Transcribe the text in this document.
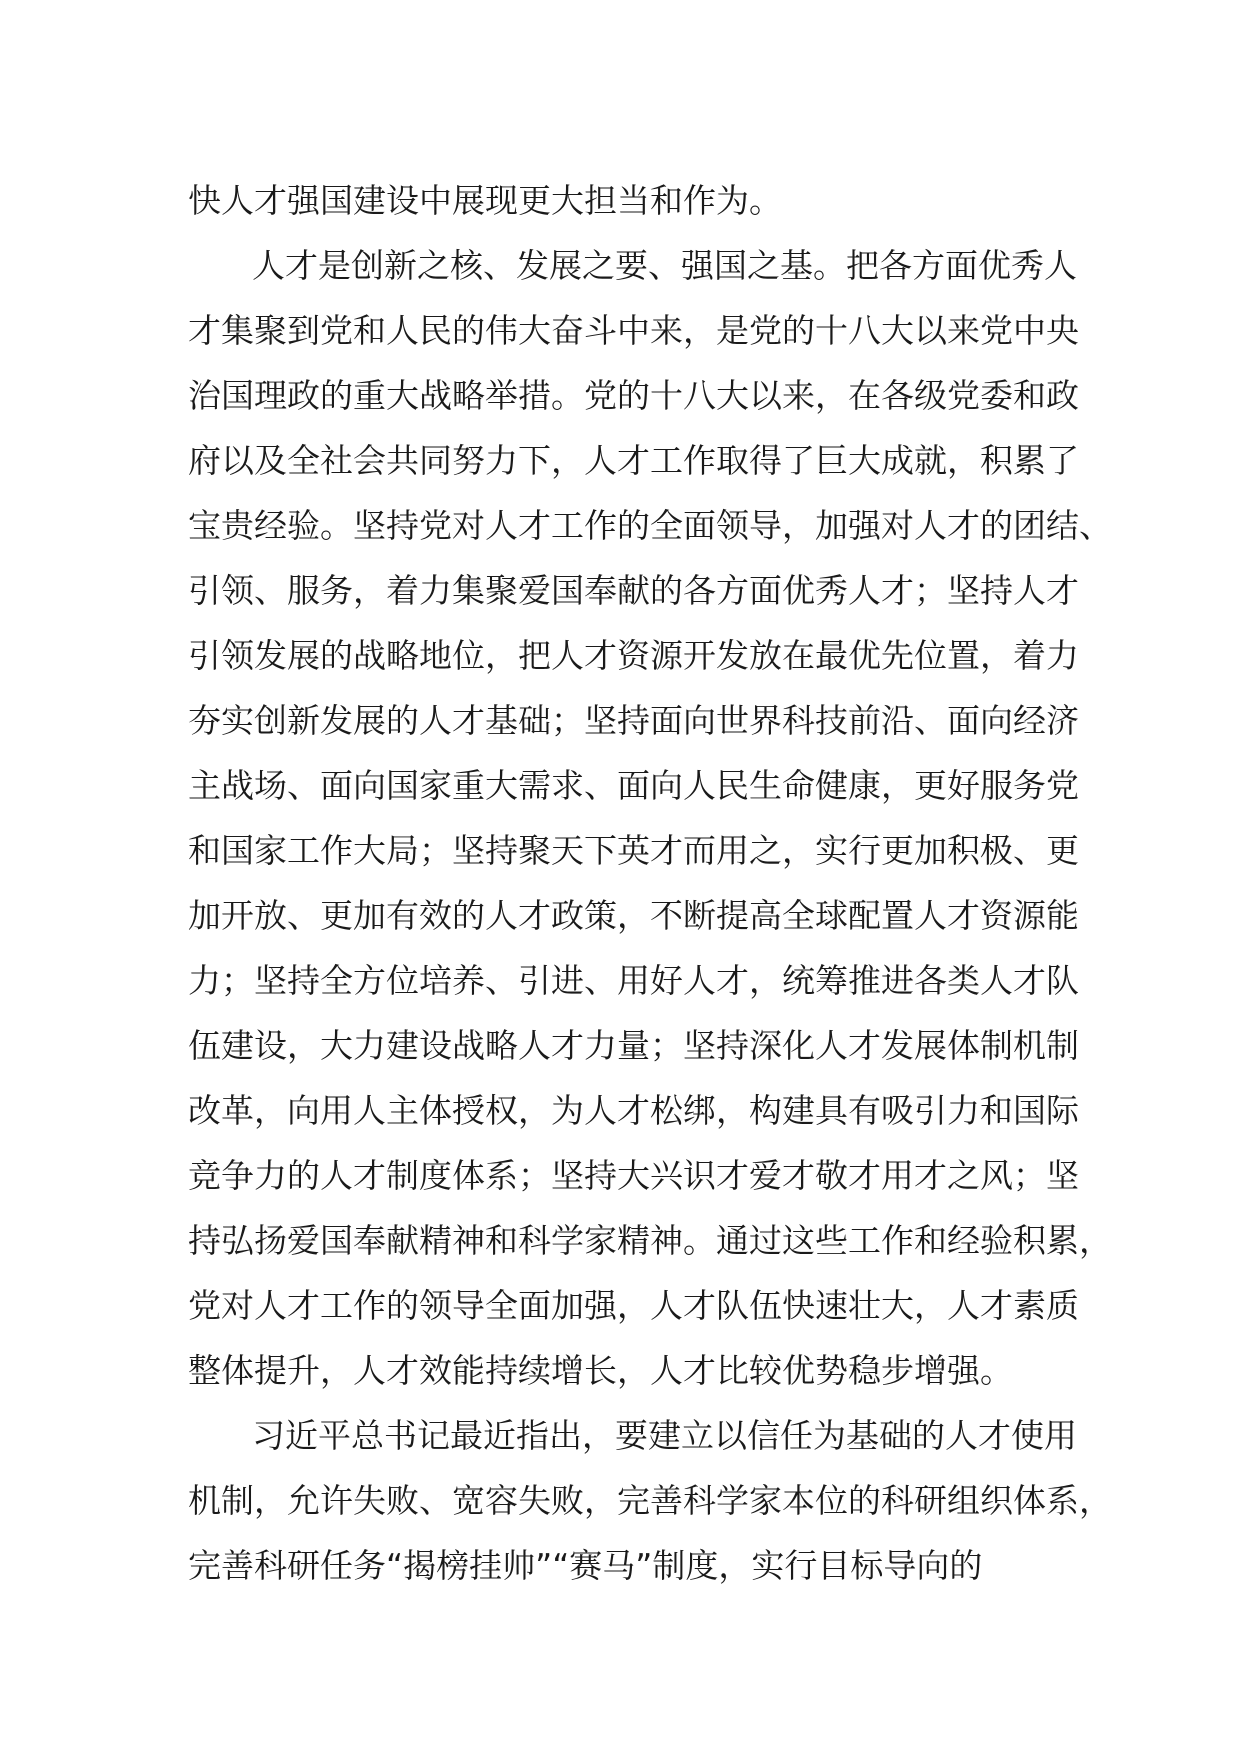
快人才强国建设中展现更大担当和作为。
人才是创新之核、发展之要、强国之基。把各方面优秀人
才集聚到党和人民的伟大奋斗中来，是党的十八大以来党中央
治国理政的重大战略举措。党的十八大以来，在各级党委和政
府以及全社会共同努力下，人才工作取得了巨大成就，积累了
宝贵经验。坚持党对人才工作的全面领导，加强对人才的团结、
引领、服务，着力集聚爱国奉献的各方面优秀人才；坚持人才
引领发展的战略地位，把人才资源开发放在最优先位置，着力
夯实创新发展的人才基础；坚持面向世界科技前沿、面向经济
主战场、面向国家重大需求、面向人民生命健康，更好服务党
和国家工作大局；坚持聚天下英才而用之，实行更加积极、更
加开放、更加有效的人才政策，不断提高全球配置人才资源能
力；坚持全方位培养、引进、用好人才，统筹推进各类人才队
伍建设，大力建设战略人才力量；坚持深化人才发展体制机制
改革，向用人主体授权，为人才松绑，构建具有吸引力和国际
竞争力的人才制度体系；坚持大兴识才爱才敬才用才之风；坚
持弘扬爱国奉献精神和科学家精神。通过这些工作和经验积累，
党对人才工作的领导全面加强，人才队伍快速壮大，人才素质
整体提升，人才效能持续增长，人才比较优势稳步增强。
习近平总书记最近指出，要建立以信任为基础的人才使用
机制，允许失败、宽容失败，完善科学家本位的科研组织体系，
完善科研任务“揭榜挂帅”“赛马”制度，实行目标导向的
